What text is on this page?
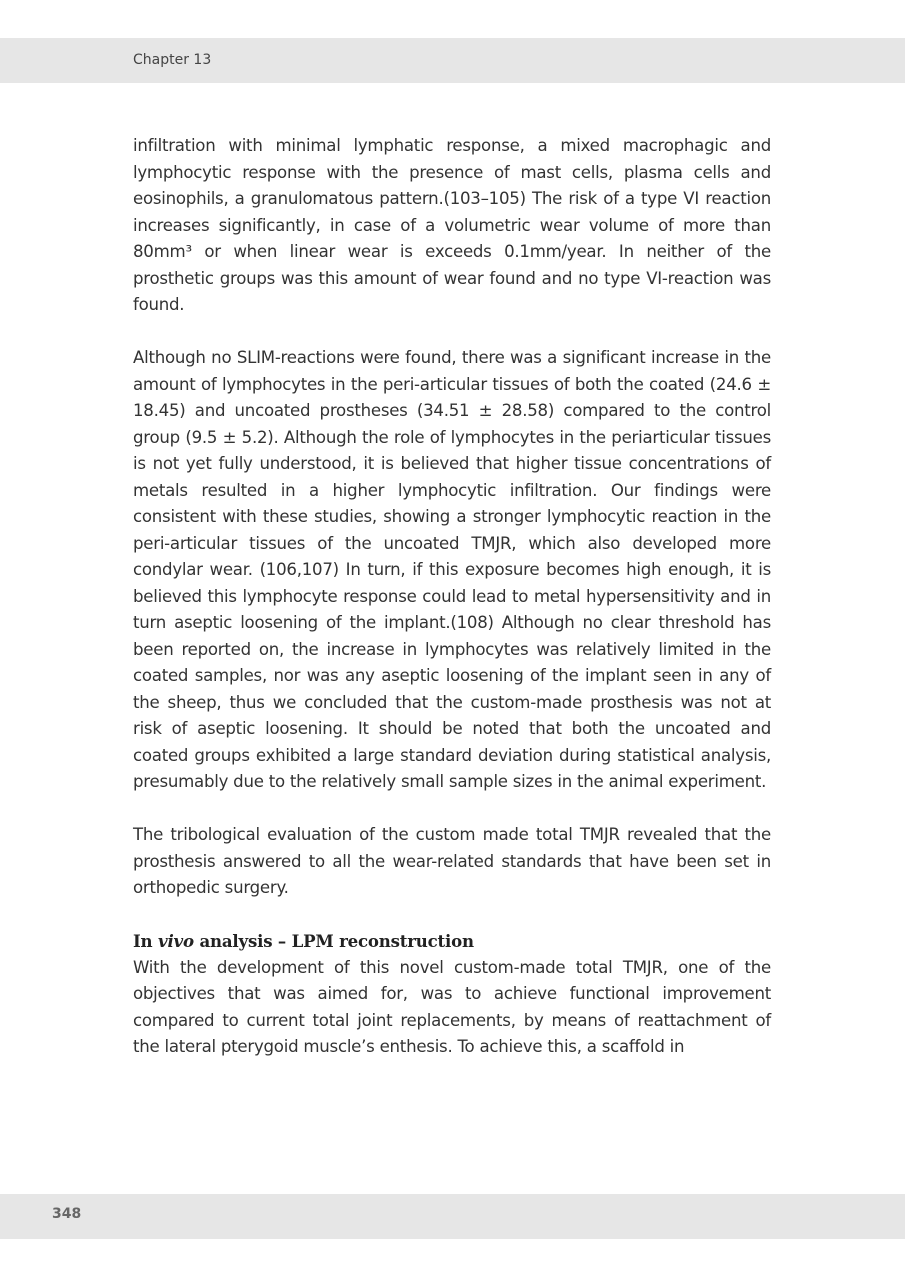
Chapter 13

infiltration with minimal lymphatic response, a mixed macrophagic and lymphocytic response with the presence of mast cells, plasma cells and eosinophils, a granulomatous pattern.(103–105) The risk of a type VI reaction increases significantly, in case of a volumetric wear volume of more than 80mm³ or when linear wear is exceeds 0.1mm/year. In neither of the prosthetic groups was this amount of wear found and no type VI-reaction was found.

Although no SLIM-reactions were found, there was a significant increase in the amount of lymphocytes in the peri-articular tissues of both the coated (24.6 ± 18.45) and uncoated prostheses (34.51 ± 28.58) compared to the control group (9.5 ± 5.2). Although the role of lymphocytes in the periarticular tissues is not yet fully understood, it is believed that higher tissue concentrations of metals resulted in a higher lymphocytic infiltration. Our findings were consistent with these studies, showing a stronger lymphocytic reaction in the peri-articular tissues of the uncoated TMJR, which also developed more condylar wear. (106,107) In turn, if this exposure becomes high enough, it is believed this lymphocyte response could lead to metal hypersensitivity and in turn aseptic loosening of the implant.(108) Although no clear threshold has been reported on, the increase in lymphocytes was relatively limited in the coated samples, nor was any aseptic loosening of the implant seen in any of the sheep, thus we concluded that the custom-made prosthesis was not at risk of aseptic loosening. It should be noted that both the uncoated and coated groups exhibited a large standard deviation during statistical analysis, presumably due to the relatively small sample sizes in the animal experiment.

The tribological evaluation of the custom made total TMJR revealed that the prosthesis answered to all the wear-related standards that have been set in orthopedic surgery.

In vivo analysis – LPM reconstruction

With the development of this novel custom-made total TMJR, one of the objectives that was aimed for, was to achieve functional improvement compared to current total joint replacements, by means of reattachment of the lateral pterygoid muscle’s enthesis. To achieve this, a scaffold in

348
